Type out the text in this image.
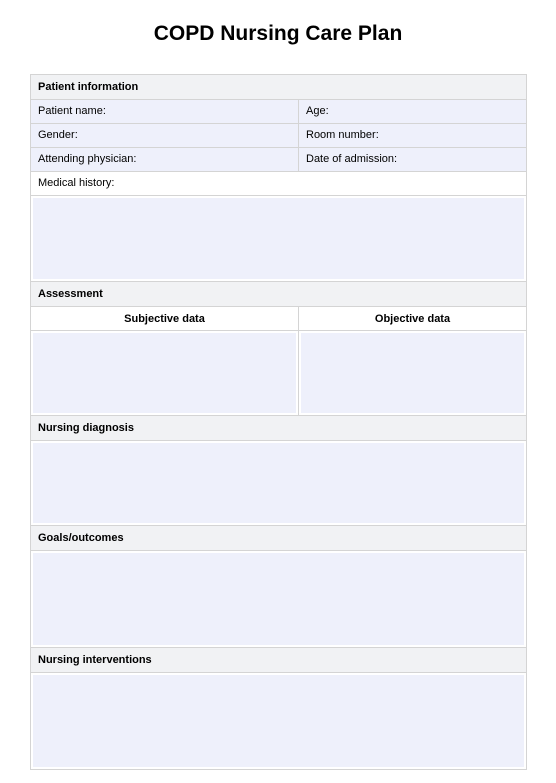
COPD Nursing Care Plan
Patient information
Patient name:	Age:
Gender:	Room number:
Attending physician:	Date of admission:
Medical history:
Assessment
Subjective data	Objective data
Nursing diagnosis
Goals/outcomes
Nursing interventions
